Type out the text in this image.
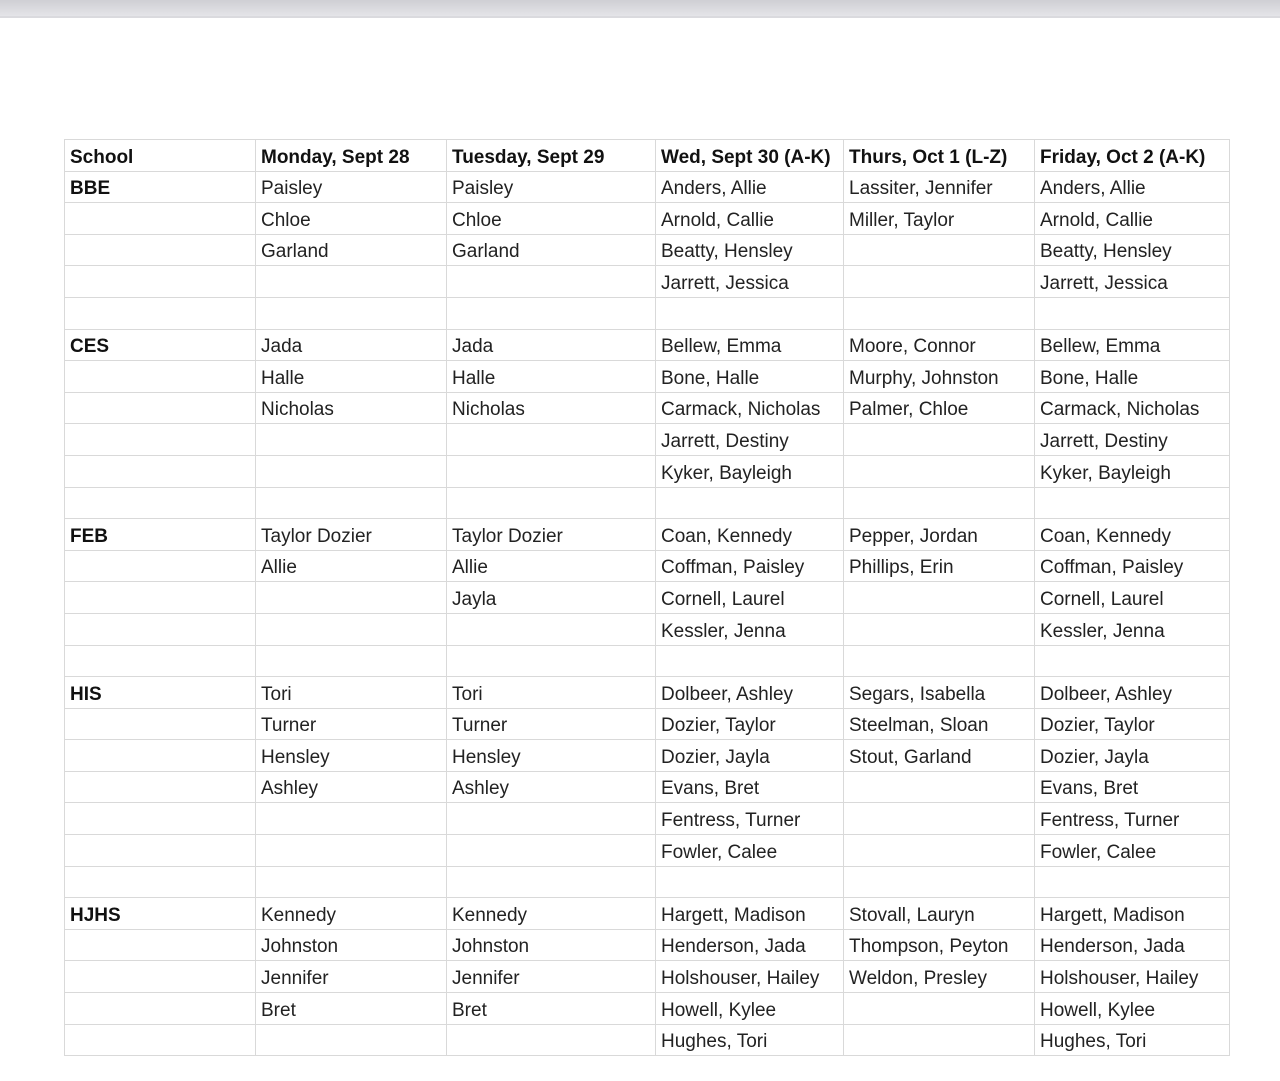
School	Monday, Sept 28	Tuesday, Sept 29	Wed, Sept 30 (A-K)	Thurs, Oct 1 (L-Z)	Friday, Oct 2 (A-K)
BBE	Paisley	Paisley	Anders, Allie	Lassiter, Jennifer	Anders, Allie
	Chloe	Chloe	Arnold, Callie	Miller, Taylor	Arnold, Callie
	Garland	Garland	Beatty, Hensley		Beatty, Hensley
			Jarrett, Jessica		Jarrett, Jessica

CES	Jada	Jada	Bellew, Emma	Moore, Connor	Bellew, Emma
	Halle	Halle	Bone, Halle	Murphy, Johnston	Bone, Halle
	Nicholas	Nicholas	Carmack, Nicholas	Palmer, Chloe	Carmack, Nicholas
			Jarrett, Destiny		Jarrett, Destiny
			Kyker, Bayleigh		Kyker, Bayleigh

FEB	Taylor Dozier	Taylor Dozier	Coan, Kennedy	Pepper, Jordan	Coan, Kennedy
	Allie	Allie	Coffman, Paisley	Phillips, Erin	Coffman, Paisley
		Jayla	Cornell, Laurel		Cornell, Laurel
			Kessler, Jenna		Kessler, Jenna

HIS	Tori	Tori	Dolbeer, Ashley	Segars, Isabella	Dolbeer, Ashley
	Turner	Turner	Dozier, Taylor	Steelman, Sloan	Dozier, Taylor
	Hensley	Hensley	Dozier, Jayla	Stout, Garland	Dozier, Jayla
	Ashley	Ashley	Evans, Bret		Evans, Bret
			Fentress, Turner		Fentress, Turner
			Fowler, Calee		Fowler, Calee

HJHS	Kennedy	Kennedy	Hargett, Madison	Stovall, Lauryn	Hargett, Madison
	Johnston	Johnston	Henderson, Jada	Thompson, Peyton	Henderson, Jada
	Jennifer	Jennifer	Holshouser, Hailey	Weldon, Presley	Holshouser, Hailey
	Bret	Bret	Howell, Kylee		Howell, Kylee
			Hughes, Tori		Hughes, Tori
